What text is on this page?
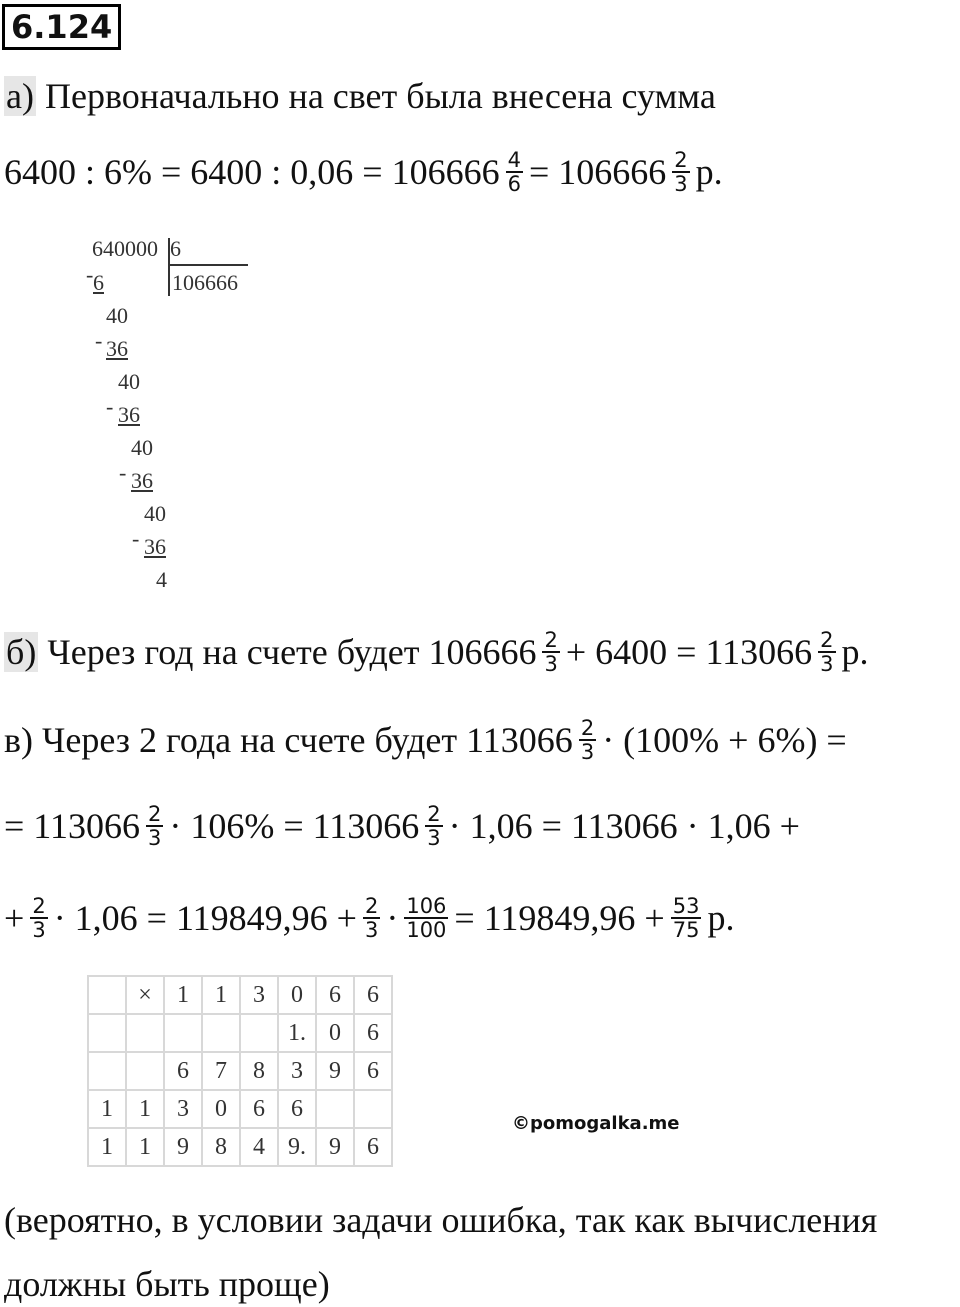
6.124
а) Первоначально на свет была внесена сумма
6400 : 6% = 6400 : $0,06 = 106666 \frac{4}{6} = 106666 \frac{2}{3} р$.
640000 6
106666
- 6
40
- 36
40
- 36
40
- 36
40
- 36
4
б) Через год на счете будет $106666 \frac{2}{3} + 6400 = 113066 \frac{2}{3} р$.
в) Через 2 года на счете будет $113066 \frac{2}{3} \cdot (100\% + 6\%)$ =
= $113066 \frac{2}{3} \cdot 106\% = 113066 \frac{2}{3} \cdot 1,06 = 113066 \cdot 1,06$ +
+ $\frac{2}{3} \cdot 1,06 = 119849,96 + \frac{2}{3} \cdot \frac{106}{100} = 119849,96 + \frac{53}{75} р$.
	×	1	1	3	0	6	6
					1.	0	6
		6	7	8	3	9	6
1	1	3	0	6	6		
1	1	9	8	4	9.	9	6
©pomogalka.me
(вероятно, в условии задачи ошибка, так как вычисления
должны быть проще)
